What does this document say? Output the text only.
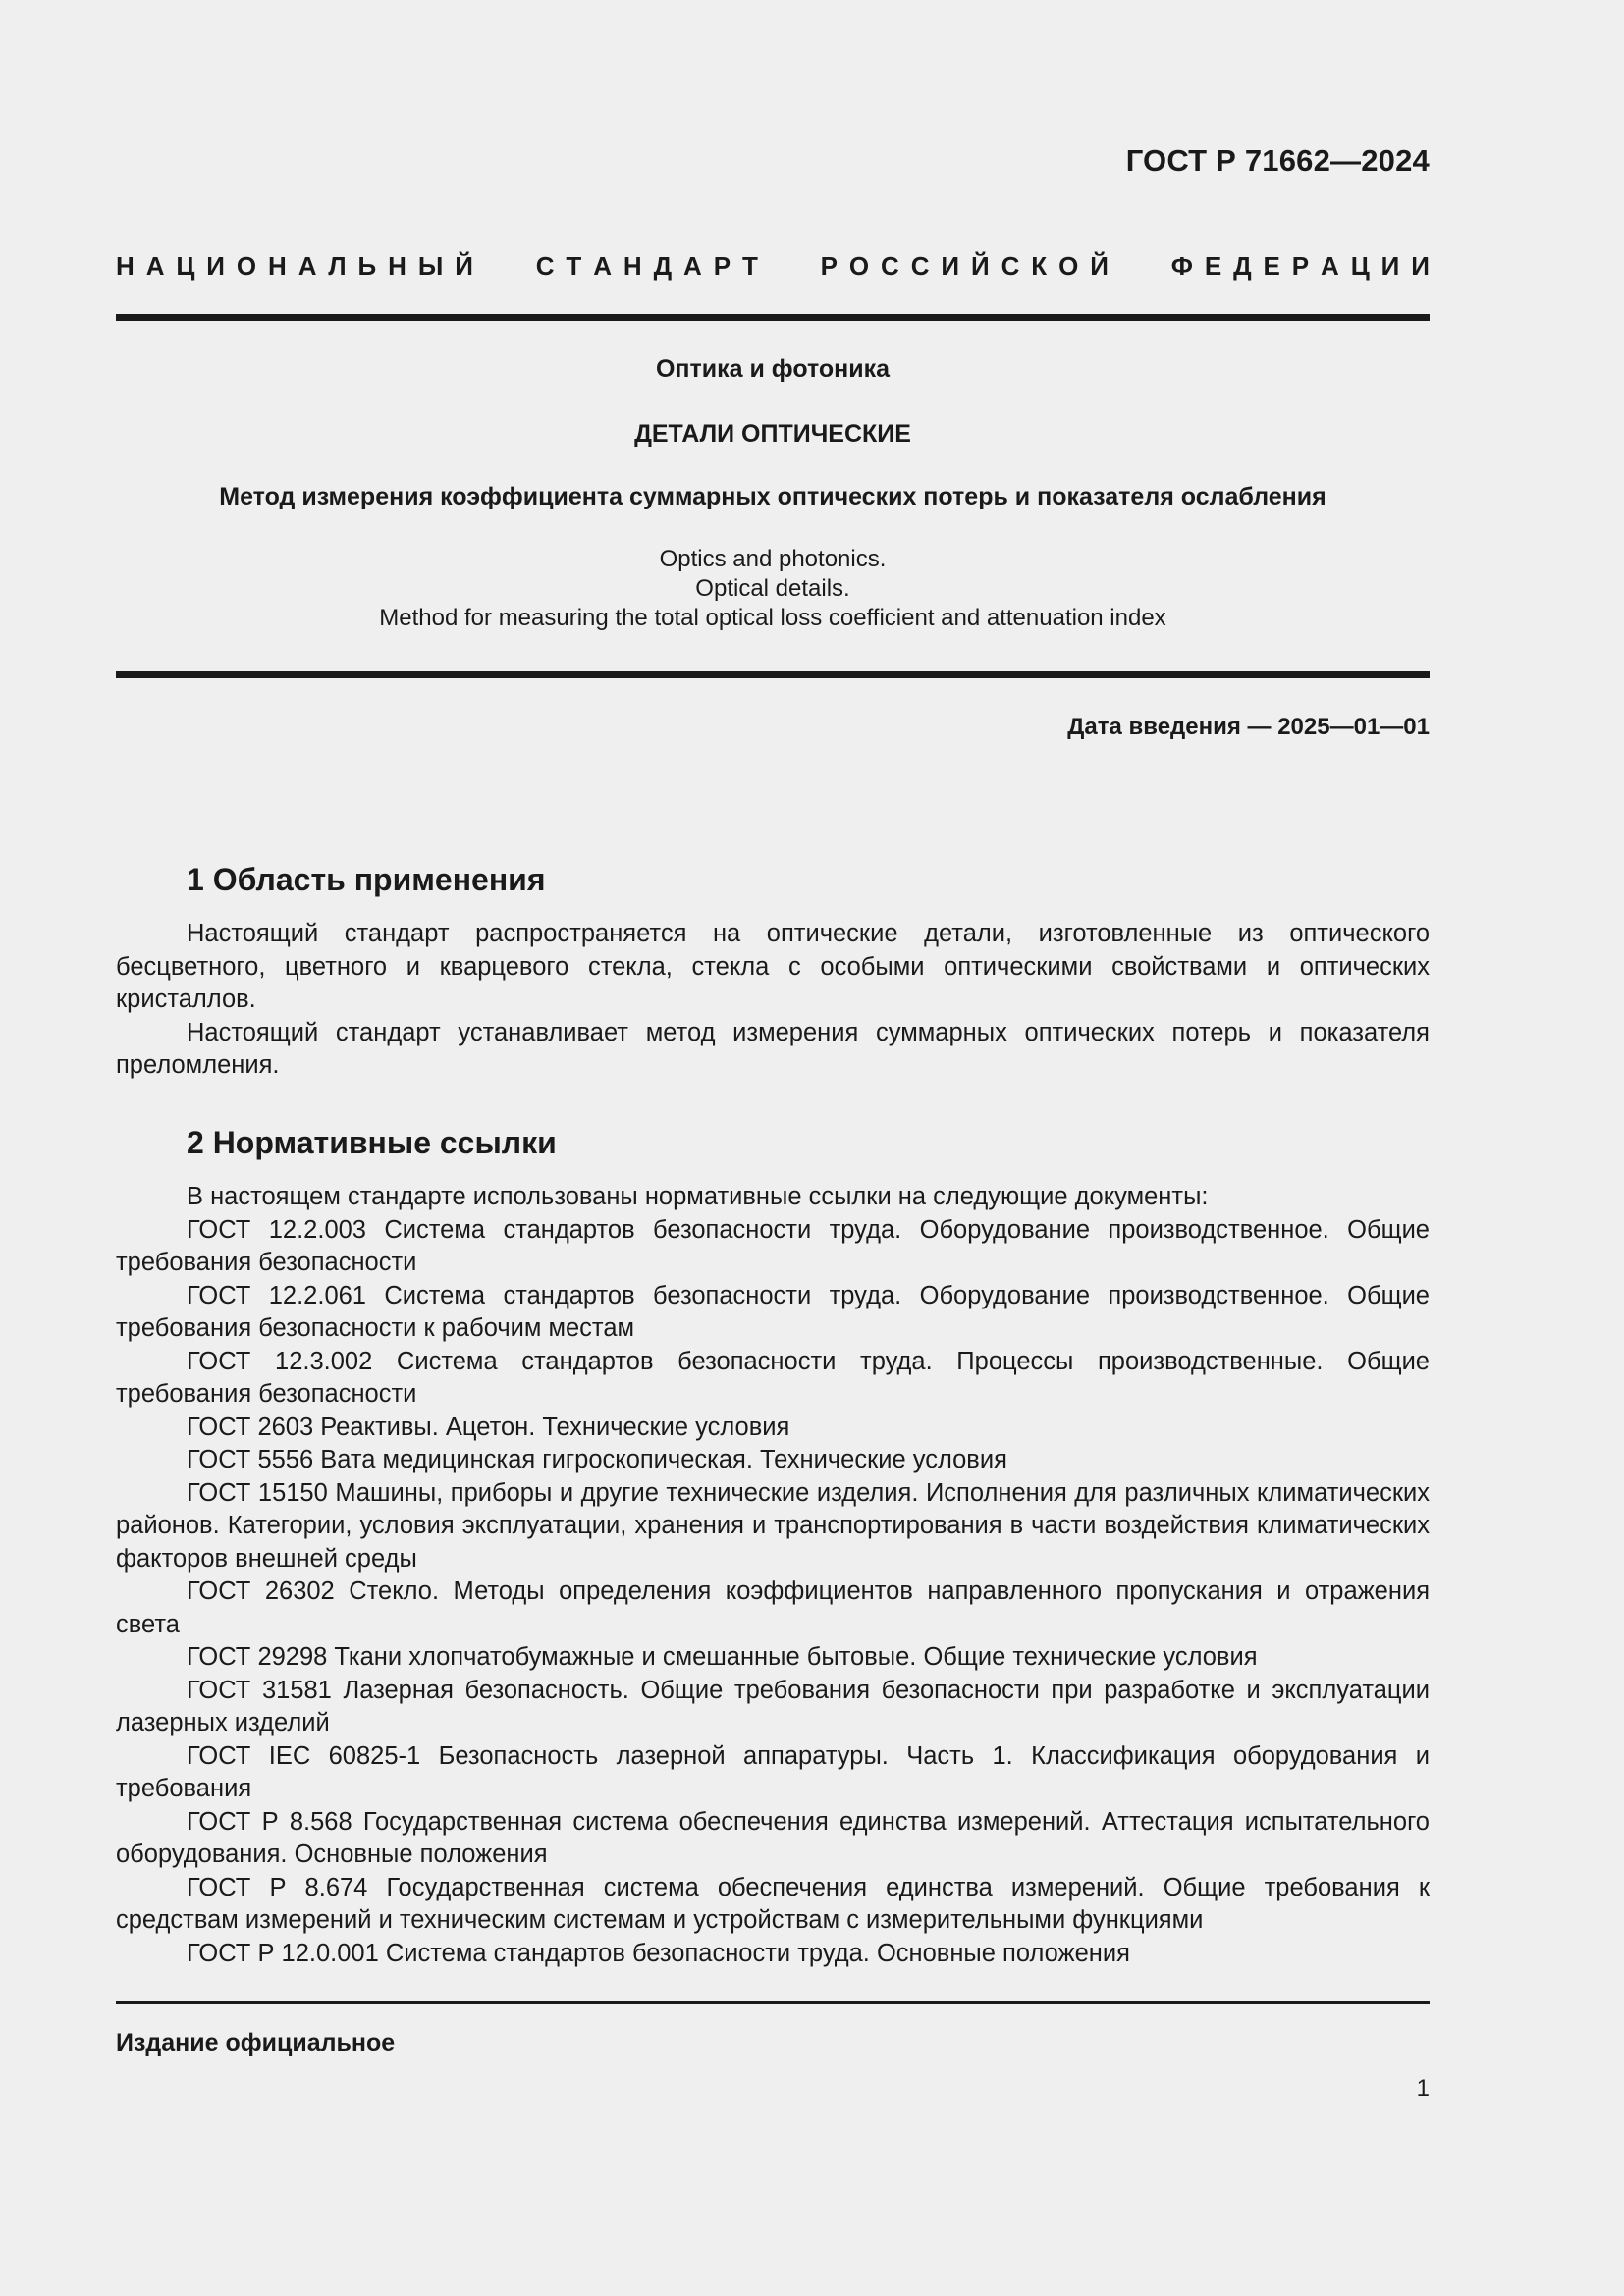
ГОСТ Р 71662—2024
Н А Ц И О Н А Л Ь Н Ы Й С Т А Н Д А Р Т Р О С С И Й С К О Й Ф Е Д Е Р А Ц И И
Оптика и фотоника
ДЕТАЛИ ОПТИЧЕСКИЕ
Метод измерения коэффициента суммарных оптических потерь и показателя ослабления
Optics and photonics.
Optical details.
Method for measuring the total optical loss coefficient and attenuation index
Дата введения — 2025—01—01
1 Область применения

Настоящий стандарт распространяется на оптические детали, изготовленные из оптического бесцветного, цветного и кварцевого стекла, стекла с особыми оптическими свойствами и оптических кристаллов.

Настоящий стандарт устанавливает метод измерения суммарных оптических потерь и показателя преломления.

2 Нормативные ссылки

В настоящем стандарте использованы нормативные ссылки на следующие документы:

ГОСТ 12.2.003 Система стандартов безопасности труда. Оборудование производственное. Общие требования безопасности

ГОСТ 12.2.061 Система стандартов безопасности труда. Оборудование производственное. Общие требования безопасности к рабочим местам

ГОСТ 12.3.002 Система стандартов безопасности труда. Процессы производственные. Общие требования безопасности

ГОСТ 2603 Реактивы. Ацетон. Технические условия

ГОСТ 5556 Вата медицинская гигроскопическая. Технические условия

ГОСТ 15150 Машины, приборы и другие технические изделия. Исполнения для различных климатических районов. Категории, условия эксплуатации, хранения и транспортирования в части воздействия климатических факторов внешней среды

ГОСТ 26302 Стекло. Методы определения коэффициентов направленного пропускания и отражения света

ГОСТ 29298 Ткани хлопчатобумажные и смешанные бытовые. Общие технические условия

ГОСТ 31581 Лазерная безопасность. Общие требования безопасности при разработке и эксплуатации лазерных изделий

ГОСТ IEC 60825-1 Безопасность лазерной аппаратуры. Часть 1. Классификация оборудования и требования

ГОСТ Р 8.568 Государственная система обеспечения единства измерений. Аттестация испытательного оборудования. Основные положения

ГОСТ Р 8.674 Государственная система обеспечения единства измерений. Общие требования к средствам измерений и техническим системам и устройствам с измерительными функциями

ГОСТ Р 12.0.001 Система стандартов безопасности труда. Основные положения

Издание официальное
1
